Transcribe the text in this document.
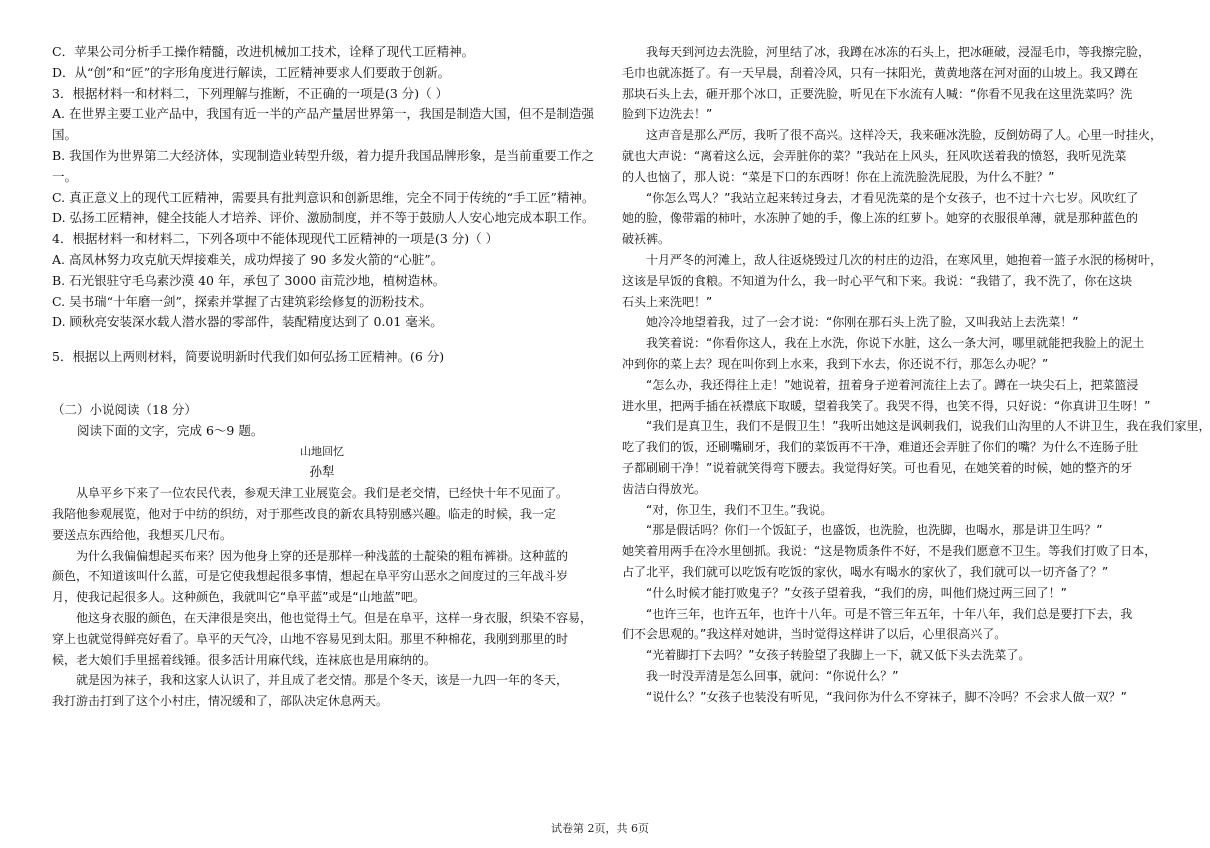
C．苹果公司分析手工操作精髓，改进机械加工技术，诠释了现代工匠精神。
D．从“创”和“匠”的字形角度进行解读，工匠精神要求人们要敢于创新。
3．根据材料一和材料二，下列理解与推断，不正确的一项是(3 分)（ ）
A. 在世界主要工业产品中，我国有近一半的产品产量居世界第一，我国是制造大国，但不是制造强
国。
B. 我国作为世界第二大经济体，实现制造业转型升级，着力提升我国品牌形象，是当前重要工作之
一。
C. 真正意义上的现代工匠精神，需要具有批判意识和创新思维，完全不同于传统的“手工匠”精神。
D. 弘扬工匠精神，健全技能人才培养、评价、激励制度，并不等于鼓励人人安心地完成本职工作。
4．根据材料一和材料二，下列各项中不能体现现代工匠精神的一项是(3 分)（ ）
A. 高凤林努力攻克航天焊接难关，成功焊接了 90 多发火箭的“心脏”。
B. 石光银驻守毛乌素沙漠 40 年，承包了 3000 亩荒沙地，植树造林。
C. 吴书瑞“十年磨一剑”，探索并掌握了古建筑彩绘修复的沥粉技术。
D. 顾秋亮安装深水载人潜水器的零部件，装配精度达到了 0.01 毫米。
5．根据以上两则材料，简要说明新时代我们如何弘扬工匠精神。(6 分)
（二）小说阅读（18 分）
阅读下面的文字，完成 6～9 题。
山地回忆
孙犁
从阜平乡下来了一位农民代表，参观天津工业展览会。我们是老交情，已经快十年不见面了。
我陪他参观展览，他对于中纺的织纺，对于那些改良的新农具特别感兴趣。临走的时候，我一定
要送点东西给他，我想买几尺布。
为什么我偏偏想起买布来？因为他身上穿的还是那样一种浅蓝的土靛染的粗布裤褂。这种蓝的
颜色，不知道该叫什么蓝，可是它使我想起很多事情，想起在阜平穷山恶水之间度过的三年战斗岁
月，使我记起很多人。这种颜色，我就叫它“阜平蓝”或是“山地蓝”吧。
他这身衣服的颜色，在天津很是突出，他也觉得土气。但是在阜平，这样一身衣服，织染不容易，
穿上也就觉得鲜亮好看了。阜平的天气冷，山地不容易见到太阳。那里不种棉花，我刚到那里的时
候，老大娘们手里摇着线锤。很多活计用麻代线，连袜底也是用麻纳的。
就是因为袜子，我和这家人认识了，并且成了老交情。那是个冬天，该是一九四一年的冬天，
我打游击打到了这个小村庄，情况缓和了，部队决定休息两天。
我每天到河边去洗脸，河里结了冰，我蹲在冰冻的石头上，把冰砸破，浸湿毛巾，等我擦完脸，
毛巾也就冻挺了。有一天早晨，刮着冷风，只有一抹阳光，黄黄地落在河对面的山坡上。我又蹲在
那块石头上去，砸开那个冰口，正要洗脸，听见在下水流有人喊：“你看不见我在这里洗菜吗？洗
脸到下边洗去！”
这声音是那么严厉，我听了很不高兴。这样冷天，我来砸冰洗脸，反倒妨碍了人。心里一时挂火，
就也大声说：“离着这么远，会弄脏你的菜？”我站在上风头，狂风吹送着我的愤怒，我听见洗菜
的人也恼了，那人说：“菜是下口的东西呀！你在上流洗脸洗屁股，为什么不脏？”
“你怎么骂人？”我站立起来转过身去，才看见洗菜的是个女孩子，也不过十六七岁。风吹红了
她的脸，像带霜的柿叶，水冻肿了她的手，像上冻的红萝卜。她穿的衣服很单薄，就是那种蓝色的
破袄裤。
十月严冬的河滩上，敌人往返烧毁过几次的村庄的边沿，在寒风里，她抱着一篮子水泯的杨树叶，
这该是早饭的食粮。不知道为什么，我一时心平气和下来。我说：“我错了，我不洗了，你在这块
石头上来洗吧！”
她冷冷地望着我，过了一会才说：“你刚在那石头上洗了脸，又叫我站上去洗菜！”
我笑着说：“你看你这人，我在上水洗，你说下水脏，这么一条大河，哪里就能把我脸上的泥土
冲到你的菜上去？现在叫你到上水来，我到下水去，你还说不行，那怎么办呢？”
“怎么办，我还得往上走！”她说着，扭着身子逆着河流往上去了。蹲在一块尖石上，把菜篮浸
进水里，把两手插在袄襟底下取暖，望着我笑了。我哭不得，也笑不得，只好说：“你真讲卫生呀！”
“我们是真卫生，我们不是假卫生！”我听出她这是讽刺我们，说我们山沟里的人不讲卫生，我在我们家里，
吃了我们的饭，还刷嘴刷牙，我们的菜饭再不干净，难道还会弄脏了你们的嘴？为什么不连肠子肚
子都刷刷干净！”说着就笑得弯下腰去。我觉得好笑。可也看见，在她笑着的时候，她的整齐的牙
齿洁白得放光。
“对，你卫生，我们不卫生。”我说。
“那是假话吗？你们一个饭缸子，也盛饭，也洗脸，也洗脚，也喝水，那是讲卫生吗？”
她笑着用两手在冷水里刨抓。我说：“这是物质条件不好，不是我们愿意不卫生。等我们打败了日本，
占了北平，我们就可以吃饭有吃饭的家伙，喝水有喝水的家伙了，我们就可以一切齐备了？”
“什么时候才能打败鬼子？”女孩子望着我，“我们的房，叫他们烧过两三回了！”
“也许三年，也许五年，也许十八年。可是不管三年五年，十年八年，我们总是要打下去，我
们不会思观的。”我这样对她讲，当时觉得这样讲了以后，心里很高兴了。
“光着脚打下去吗？”女孩子转脸望了我脚上一下，就又低下头去洗菜了。
我一时没弄清是怎么回事，就问：“你说什么？”
“说什么？”女孩子也装没有听见，“我问你为什么不穿袜子，脚不冷吗？不会求人做一双？”
试卷第 2页，共 6页
